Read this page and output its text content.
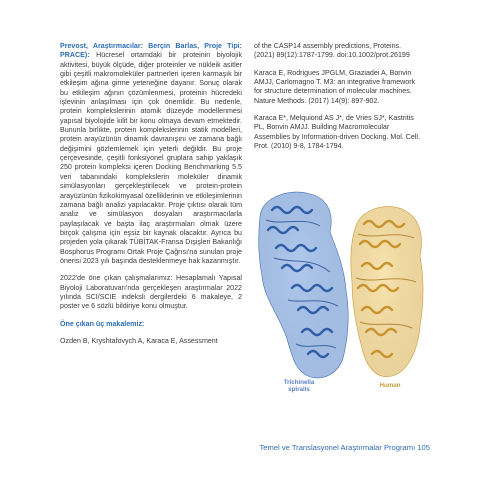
Prevost, Araştırmacılar: Berçin Barlas, Proje Tipi: PRACE): Hücresel ortamdaki bir proteinin biyolojik aktivitesi, büyük ölçüde, diğer proteinler ve nükleik asitler gibi çeşitli makromoleküler partnerleri içeren karmaşık bir etkileşim ağına girme yeteneğine dayanır. Sonuç olarak bu etkileşim ağının çözümlenmesi, proteinin hücredeki işlevinin anlaşılması için çok önemlidir. Bu nedenle, protein komplekslerinin atomik düzeyde modellenmesi yapısal biyolojide kilit bir konu olmaya devam etmektedir. Bununla birlikte, protein komplekslerinin statik modelleri, protein arayüzünün dinamik davranışını ve zamana bağlı değişimini gözlemlemek için yeterli değildir. Bu proje çerçevesinde, çeşitli fonksiyonel gruplara sahip yaklaşık 250 protein kompleksi içeren Docking Benchmarking 5.5 veri tabanındaki komplekslerin moleküler dinamik simülasyonları gerçekleştirilecek ve protein-protein arayüzünün fizikokimyasal özelliklerinin ve etkileşimlerinin zamana bağlı analizi yapılacaktır. Proje çıktısı olarak tüm analiz ve simülasyon dosyaları araştırmacılarla paylaşılacak ve başta ilaç araştırmaları olmak üzere birçok çalışma için eşsiz bir kaynak olacaktır. Ayrıca bu projeden yola çıkarak TÜBİTAK-Fransa Dışişleri Bakanlığı Bosphorus Programı Ortak Proje Çağrısı'na sunulan proje önerisi 2023 yılı başında desteklenmeye hak kazanmıştır.

2022'de öne çıkan çalışmalarımız: Hesaplamalı Yapısal Biyoloji Laboratuvarı'nda gerçekleşen araştırmalar 2022 yılında SCI/SCIE indeksli dergilerdeki 6 makaleye, 2 poster ve 6 sözlü bildiriye konu olmuştur.

Öne çıkan üç makalemiz:

Ozden B, Kryshtafovych A, Karaca E, Assessment

of the CASP14 assembly predictions, Proteins. (2021) 89(12):1787-1799. doi:10.1002/prot.26199

Karaca E, Rodrigues JPGLM, Graziadei A, Bonvin AMJJ, Carlomagno T. M3: an integrative framework for structure determination of molecular machines. Nature Methods. (2017) 14(9): 897-902.

Karaca E*, Melquiond AS J*, de Vries SJ*, Kastritis PL, Bonvin AMJJ. Building Macromolecular Assemblies by Information-driven Docking. Mol. Cell. Prot. (2010) 9-8, 1784-1794.

Trichinella spiralis
Human
Temel ve Translasyonel Araştırmalar Programı 105
